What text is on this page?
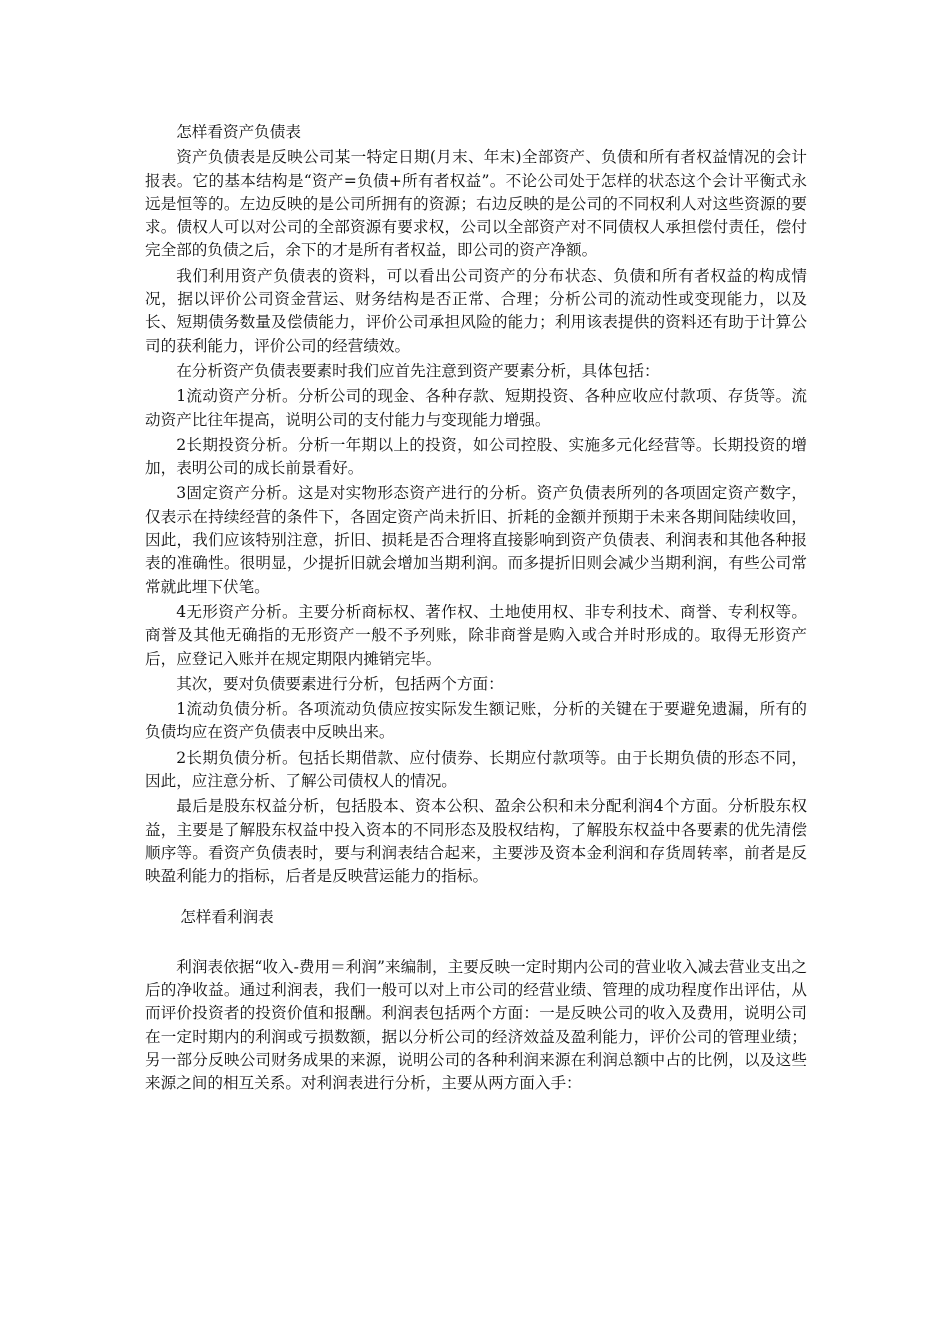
怎样看资产负债表

资产负债表是反映公司某一特定日期(月末、年末)全部资产、负债和所有者权益情况的会计报表。它的基本结构是“资产=负债+所有者权益”。不论公司处于怎样的状态这个会计平衡式永远是恒等的。左边反映的是公司所拥有的资源；右边反映的是公司的不同权利人对这些资源的要求。债权人可以对公司的全部资源有要求权，公司以全部资产对不同债权人承担偿付责任，偿付完全部的负债之后，余下的才是所有者权益，即公司的资产净额。

我们利用资产负债表的资料，可以看出公司资产的分布状态、负债和所有者权益的构成情况，据以评价公司资金营运、财务结构是否正常、合理；分析公司的流动性或变现能力，以及长、短期债务数量及偿债能力，评价公司承担风险的能力；利用该表提供的资料还有助于计算公司的获利能力，评价公司的经营绩效。

在分析资产负债表要素时我们应首先注意到资产要素分析，具体包括：

1流动资产分析。分析公司的现金、各种存款、短期投资、各种应收应付款项、存货等。流动资产比往年提高，说明公司的支付能力与变现能力增强。

2长期投资分析。分析一年期以上的投资，如公司控股、实施多元化经营等。长期投资的增加，表明公司的成长前景看好。

3固定资产分析。这是对实物形态资产进行的分析。资产负债表所列的各项固定资产数字，仅表示在持续经营的条件下，各固定资产尚未折旧、折耗的金额并预期于未来各期间陆续收回，因此，我们应该特别注意，折旧、损耗是否合理将直接影响到资产负债表、利润表和其他各种报表的准确性。很明显，少提折旧就会增加当期利润。而多提折旧则会减少当期利润，有些公司常常就此埋下伏笔。

4无形资产分析。主要分析商标权、著作权、土地使用权、非专利技术、商誉、专利权等。商誉及其他无确指的无形资产一般不予列账，除非商誉是购入或合并时形成的。取得无形资产后，应登记入账并在规定期限内摊销完毕。

其次，要对负债要素进行分析，包括两个方面：

1流动负债分析。各项流动负债应按实际发生额记账，分析的关键在于要避免遗漏，所有的负债均应在资产负债表中反映出来。

2长期负债分析。包括长期借款、应付债券、长期应付款项等。由于长期负债的形态不同，因此，应注意分析、了解公司债权人的情况。

最后是股东权益分析，包括股本、资本公积、盈余公积和未分配利润4个方面。分析股东权益，主要是了解股东权益中投入资本的不同形态及股权结构，了解股东权益中各要素的优先清偿顺序等。看资产负债表时，要与利润表结合起来，主要涉及资本金利润和存货周转率，前者是反映盈利能力的指标，后者是反映营运能力的指标。

怎样看利润表

利润表依据“收入-费用＝利润”来编制，主要反映一定时期内公司的营业收入减去营业支出之后的净收益。通过利润表，我们一般可以对上市公司的经营业绩、管理的成功程度作出评估，从而评价投资者的投资价值和报酬。利润表包括两个方面：一是反映公司的收入及费用，说明公司在一定时期内的利润或亏损数额，据以分析公司的经济效益及盈利能力，评价公司的管理业绩；另一部分反映公司财务成果的来源，说明公司的各种利润来源在利润总额中占的比例，以及这些来源之间的相互关系。对利润表进行分析，主要从两方面入手：
